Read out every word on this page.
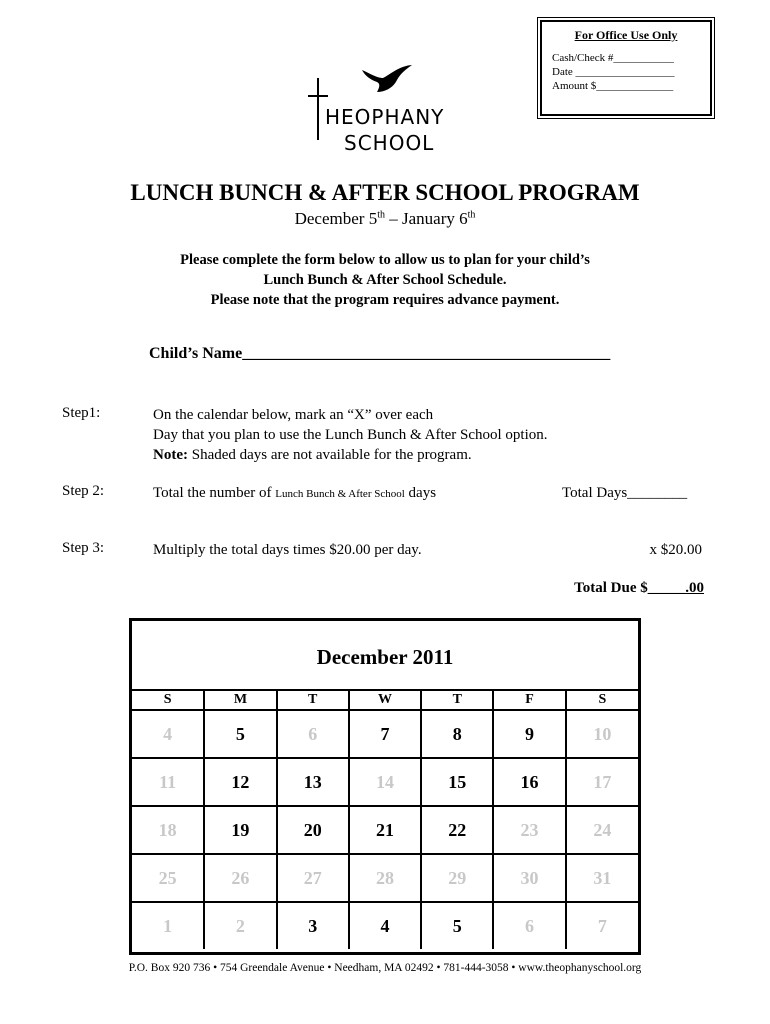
For Office Use Only
Cash/Check #___________
Date __________________
Amount $______________
HEOPHANY
SCHOOL
LUNCH BUNCH & AFTER SCHOOL PROGRAM
December 5th – January 6th
Please complete the form below to allow us to plan for your child’s
Lunch Bunch & After School Schedule.
Please note that the program requires advance payment.
Child’s Name______________________________________________
Step1:	On the calendar below, mark an “X” over each
Day that you plan to use the Lunch Bunch & After School option.
Note: Shaded days are not available for the program.
Step 2:	Total the number of Lunch Bunch & After School days	Total Days________
Step 3:	Multiply the total days times $20.00 per day.	x $20.00
Total Due $_____.00
December 2011
S	M	T	W	T	F	S
4	5	6	7	8	9	10
11	12	13	14	15	16	17
18	19	20	21	22	23	24
25	26	27	28	29	30	31
1	2	3	4	5	6	7
P.O. Box 920 736 • 754 Greendale Avenue • Needham, MA 02492 • 781-444-3058 • www.theophanyschool.org
